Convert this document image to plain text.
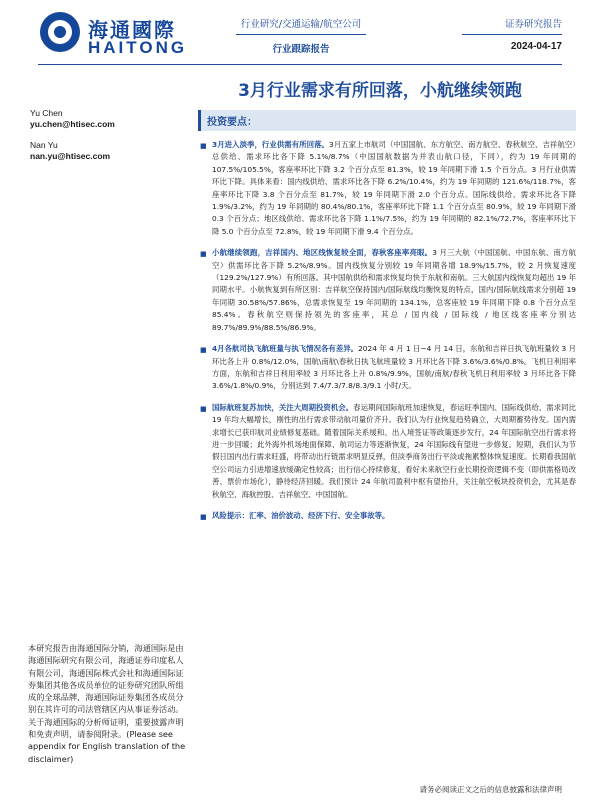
海通國際
HAITONG
行业研究/交通运输/航空公司
行业跟踪报告
证券研究报告
2024-04-17
3月行业需求有所回落，小航继续领跑
Yu Chen
yu.chen@htisec.com
Nan Yu
nan.yu@htisec.com
投资要点：
■ 3月进入淡季，行业供需有所回落。3月五家上市航司（中国国航、东方航空、南方航空、春秋航空、吉祥航空）总供给、需求环比各下降 5.1%/8.7%（中国国航数据为并表山航口径，下同），约为 19 年同期的 107.5%/105.5%，客座率环比下降 3.2 个百分点至 81.3%，较 19 年同期下滑 1.5 个百分点。3 月行业供需环比下降。具体来看：国内线供给、需求环比各下降 6.2%/10.4%，约为 19 年同期的 121.6%/118.7%，客座率环比下降 3.8 个百分点至 81.7%，较 19 年同期下滑 2.0 个百分点。国际线供给、需求环比各下降 1.9%/3.2%，约为 19 年同期的 80.4%/80.1%，客座率环比下降 1.1 个百分点至 80.9%，较 19 年同期下滑 0.3 个百分点；地区线供给、需求环比各下降 1.1%/7.5%，约为 19 年同期的 82.1%/72.7%，客座率环比下降 5.0 个百分点至 72.8%，较 19 年同期下滑 9.4 个百分点。
■ 小航继续领跑，吉祥国内、地区线恢复较全面，春秋客座率亮眼。3 月三大航（中国国航、中国东航、南方航空）供需环比各下降 5.2%/8.9%。国内线恢复分别较 19 年同期各增 18.9%/15.7%，较 2 月恢复速度（129.2%/127.9%）有所回落。其中国航供给和需求恢复均快于东航和南航。三大航国内线恢复均超出 19 年同期水平。小航恢复到有所区别：吉祥航空保持国内/国际航线均衡恢复的特点，国内/国际航线需求分别超 19 年同期 30.58%/57.86%，总需求恢复至 19 年同期的 134.1%，总客座较 19 年同期下降 0.8 个百分点至 85.4%。春秋航空则保持领先的客座率，其总 / 国内线 / 国际线 / 地区线客座率分别达 89.7%/89.9%/88.5%/86.9%。
■ 4月各航司执飞航班量与执飞情况各有差异。2024 年 4 月 1 日~4 月 14 日，东航和吉祥日执飞航班量较 3 月环比各上升 0.8%/12.0%，国航\南航\春秋日执飞航班量较 3 月环比各下降 3.6%/3.6%/0.8%。飞机日利用率方面，东航和吉祥日利用率较 3 月环比各上升 0.8%/9.9%，国航/南航/春秋飞机日利用率较 3 月环比各下降 3.6%/1.8%/0.9%，分别达到 7.4/7.3/7.8/8.3/9.1 小时/天。
■ 国际航班复苏加快，关注大周期投资机会。春运期间国际航班加速恢复，春运旺季国内、国际线供给、需求同比 19 年均大幅增长，刚性的出行需求带动航司量价齐升。我们认为行业恢复趋势确立，大周期蓄势待发。国内需求增长已获印航司业绩修复基础。随着国际关系缓和、出入境签证等政策逐步发行，24 年国际航空出行需求将进一步回暖；此外海外机场地面保障、航司运力等逐渐恢复，24 年国际线有望进一步修复。短期，我们认为节假日国内出行需求旺盛，将带动出行链需求明显反弹，但淡季商务出行平淡或拖累整体恢复速度。长期看我国航空公司运力引进增速放缓确定性较高；出行信心持续修复，看好未来航空行业长期投资逻辑不变（即供需格局改善、票价市场化），静待经济回暖。我们预计 24 年航司盈利中枢有望抬升，关注航空板块投资机会，尤其是春秋航空、海航控股、吉祥航空、中国国航。
■ 风险提示：汇率、油价波动、经济下行、安全事故等。
本研究报告由海通国际分销，海通国际是由海通国际研究有限公司，海通证券印度私人有限公司，海通国际株式会社和海通国际证券集团其他各成员单位的证券研究团队所组成的全球品牌，海通国际证券集团各成员分别在其许可的司法管辖区内从事证券活动。关于海通国际的分析师证明，重要披露声明和免责声明，请参阅附录。(Please see appendix for English translation of the disclaimer)
请务必阅读正文之后的信息披露和法律声明
